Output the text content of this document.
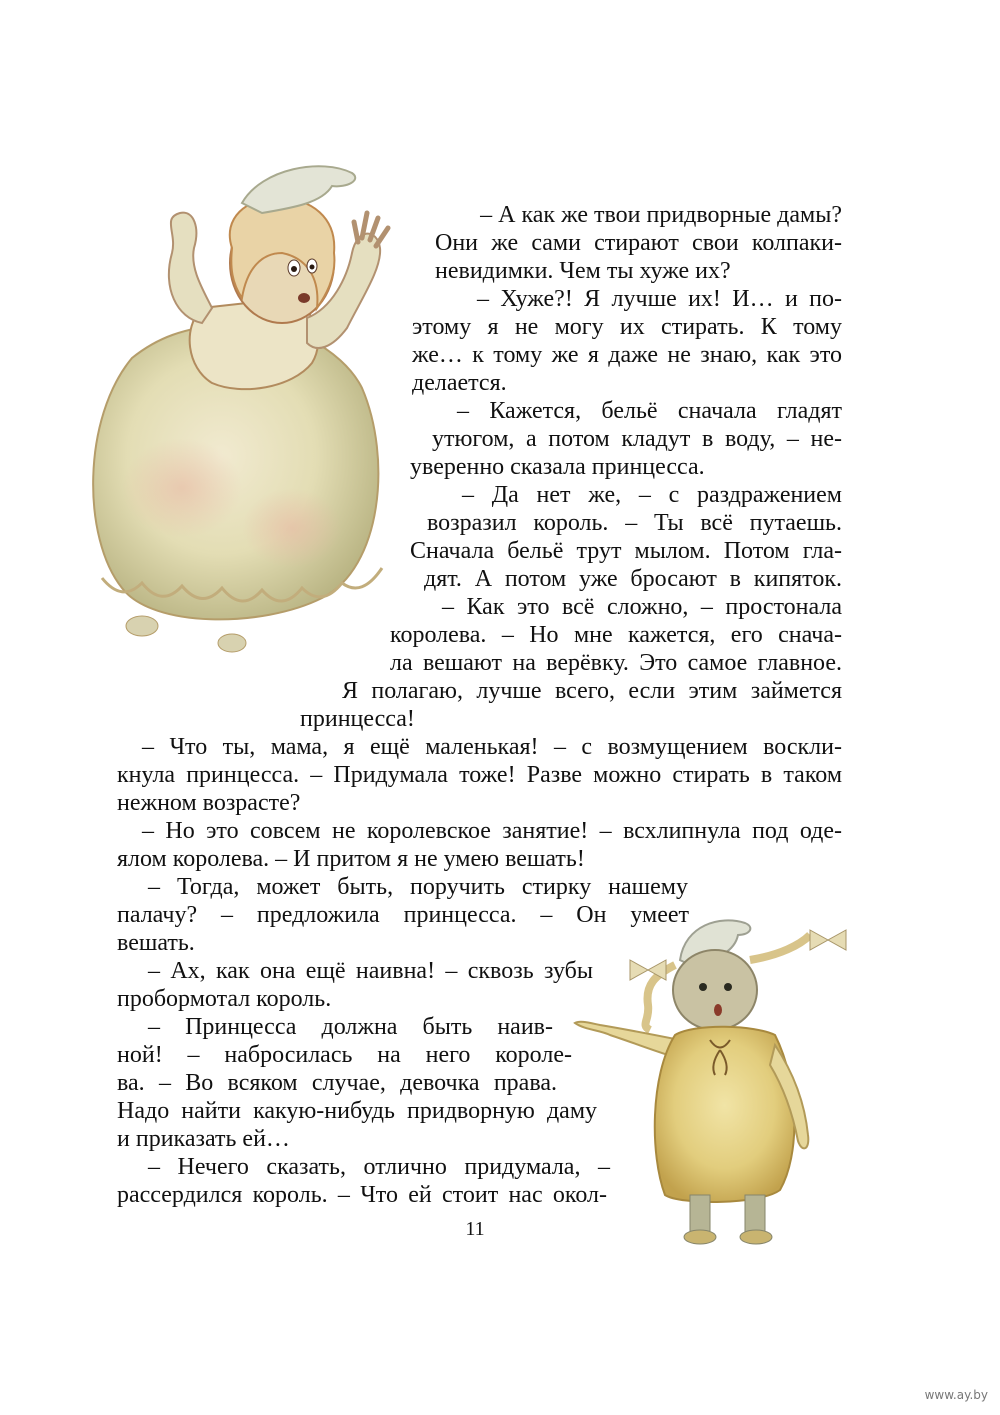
– А как же твои придворные дамы?
Они же сами стирают свои колпаки-
невидимки. Чем ты хуже их?
– Хуже?! Я лучше их! И… и по-
этому я не могу их стирать. К тому
же… к тому же я даже не знаю, как это
делается.
– Кажется, бельё сначала гладят
утюгом, а потом кладут в воду, – не-
уверенно сказала принцесса.
– Да нет же, – с раздражением
возразил король. – Ты всё путаешь.
Сначала бельё трут мылом. Потом гла-
дят. А потом уже бросают в кипяток.
– Как это всё сложно, – простонала
королева. – Но мне кажется, его снача-
ла вешают на верёвку. Это самое главное.
Я полагаю, лучше всего, если этим займется
принцесса!
– Что ты, мама, я ещё маленькая! – с возмущением воскли-
кнула принцесса. – Придумала тоже! Разве можно стирать в таком
нежном возрасте?
– Но это совсем не королевское занятие! – всхлипнула под оде-
ялом королева. – И притом я не умею вешать!
– Тогда, может быть, поручить стирку нашему
палачу? – предложила принцесса. – Он умеет
вешать.
– Ах, как она ещё наивна! – сквозь зубы
пробормотал король.
– Принцесса должна быть наив-
ной! – набросилась на него короле-
ва. – Во всяком случае, девочка права.
Надо найти какую-нибудь придворную даму
и приказать ей…
– Нечего сказать, отлично придумала, –
рассердился король. – Что ей стоит нас окол-
11
www.ay.by
